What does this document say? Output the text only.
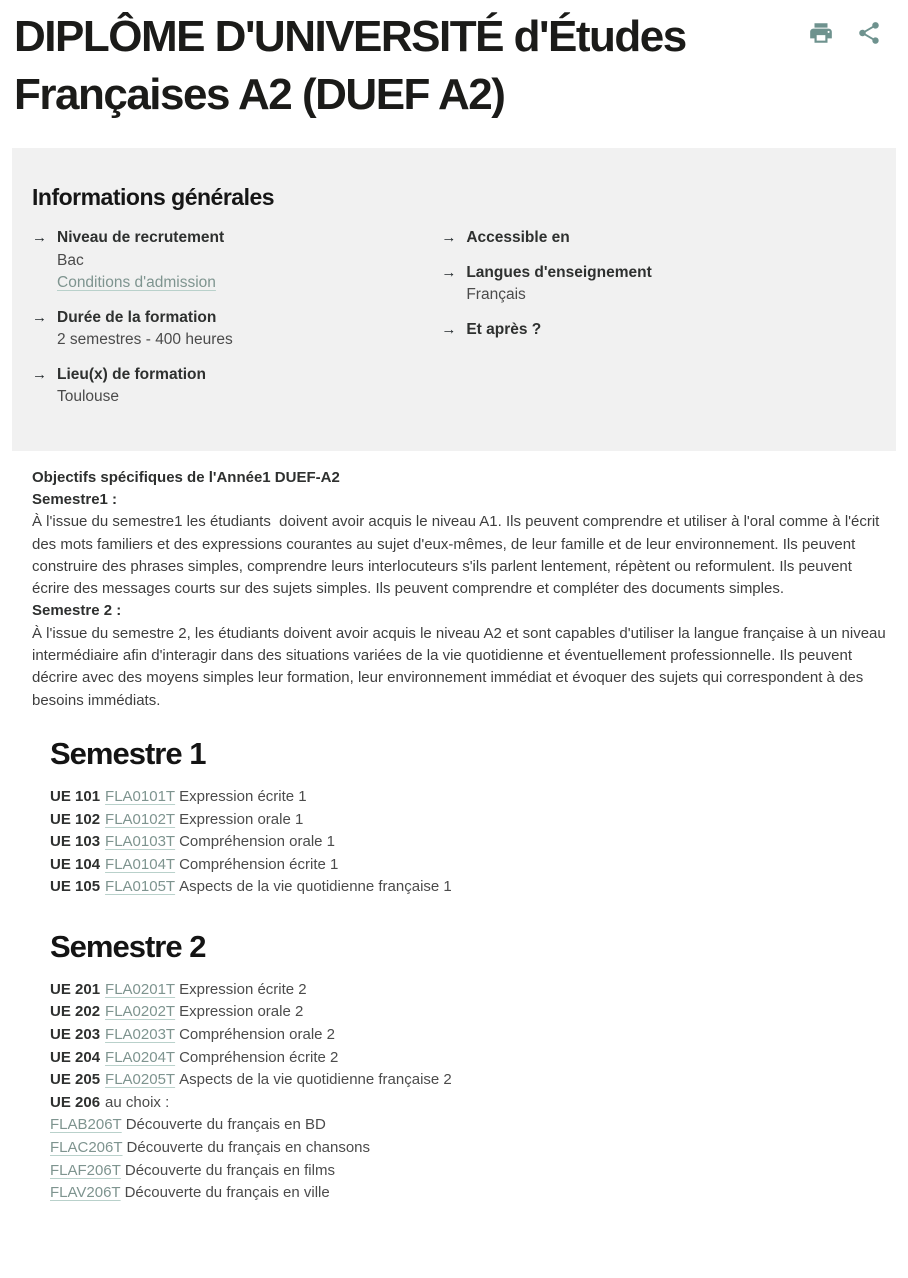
DIPLÔME D'UNIVERSITÉ d'Études Françaises A2 (DUEF A2)
Informations générales
→ Niveau de recrutement
Bac
Conditions d'admission
→ Durée de la formation
2 semestres - 400 heures
→ Lieu(x) de formation
Toulouse
→ Accessible en
→ Langues d'enseignement
Français
→ Et après ?

Objectifs spécifiques de l'Année1 DUEF-A2

Semestre1 :

À l'issue du semestre1 les étudiants  doivent avoir acquis le niveau A1. Ils peuvent comprendre et utiliser à l'oral comme à l'écrit des mots familiers et des expressions courantes au sujet d'eux-mêmes, de leur famille et de leur environnement. Ils peuvent construire des phrases simples, comprendre leurs interlocuteurs s'ils parlent lentement, répètent ou reformulent. Ils peuvent écrire des messages courts sur des sujets simples. Ils peuvent comprendre et compléter des documents simples.

Semestre 2 :

À l'issue du semestre 2, les étudiants doivent avoir acquis le niveau A2 et sont capables d'utiliser la langue française à un niveau intermédiaire afin d'interagir dans des situations variées de la vie quotidienne et éventuellement professionnelle. Ils peuvent décrire avec des moyens simples leur formation, leur environnement immédiat et évoquer des sujets qui correspondent à des besoins immédiats.

Semestre 1
UE 101 FLA0101T Expression écrite 1
UE 102 FLA0102T Expression orale 1
UE 103 FLA0103T Compréhension orale 1
UE 104 FLA0104T Compréhension écrite 1
UE 105 FLA0105T Aspects de la vie quotidienne française 1
Semestre 2
UE 201 FLA0201T Expression écrite 2
UE 202 FLA0202T Expression orale 2
UE 203 FLA0203T Compréhension orale 2
UE 204 FLA0204T Compréhension écrite 2
UE 205 FLA0205T Aspects de la vie quotidienne française 2
UE 206 au choix :
FLAB206T Découverte du français en BD
FLAC206T Découverte du français en chansons
FLAF206T Découverte du français en films
FLAV206T Découverte du français en ville
